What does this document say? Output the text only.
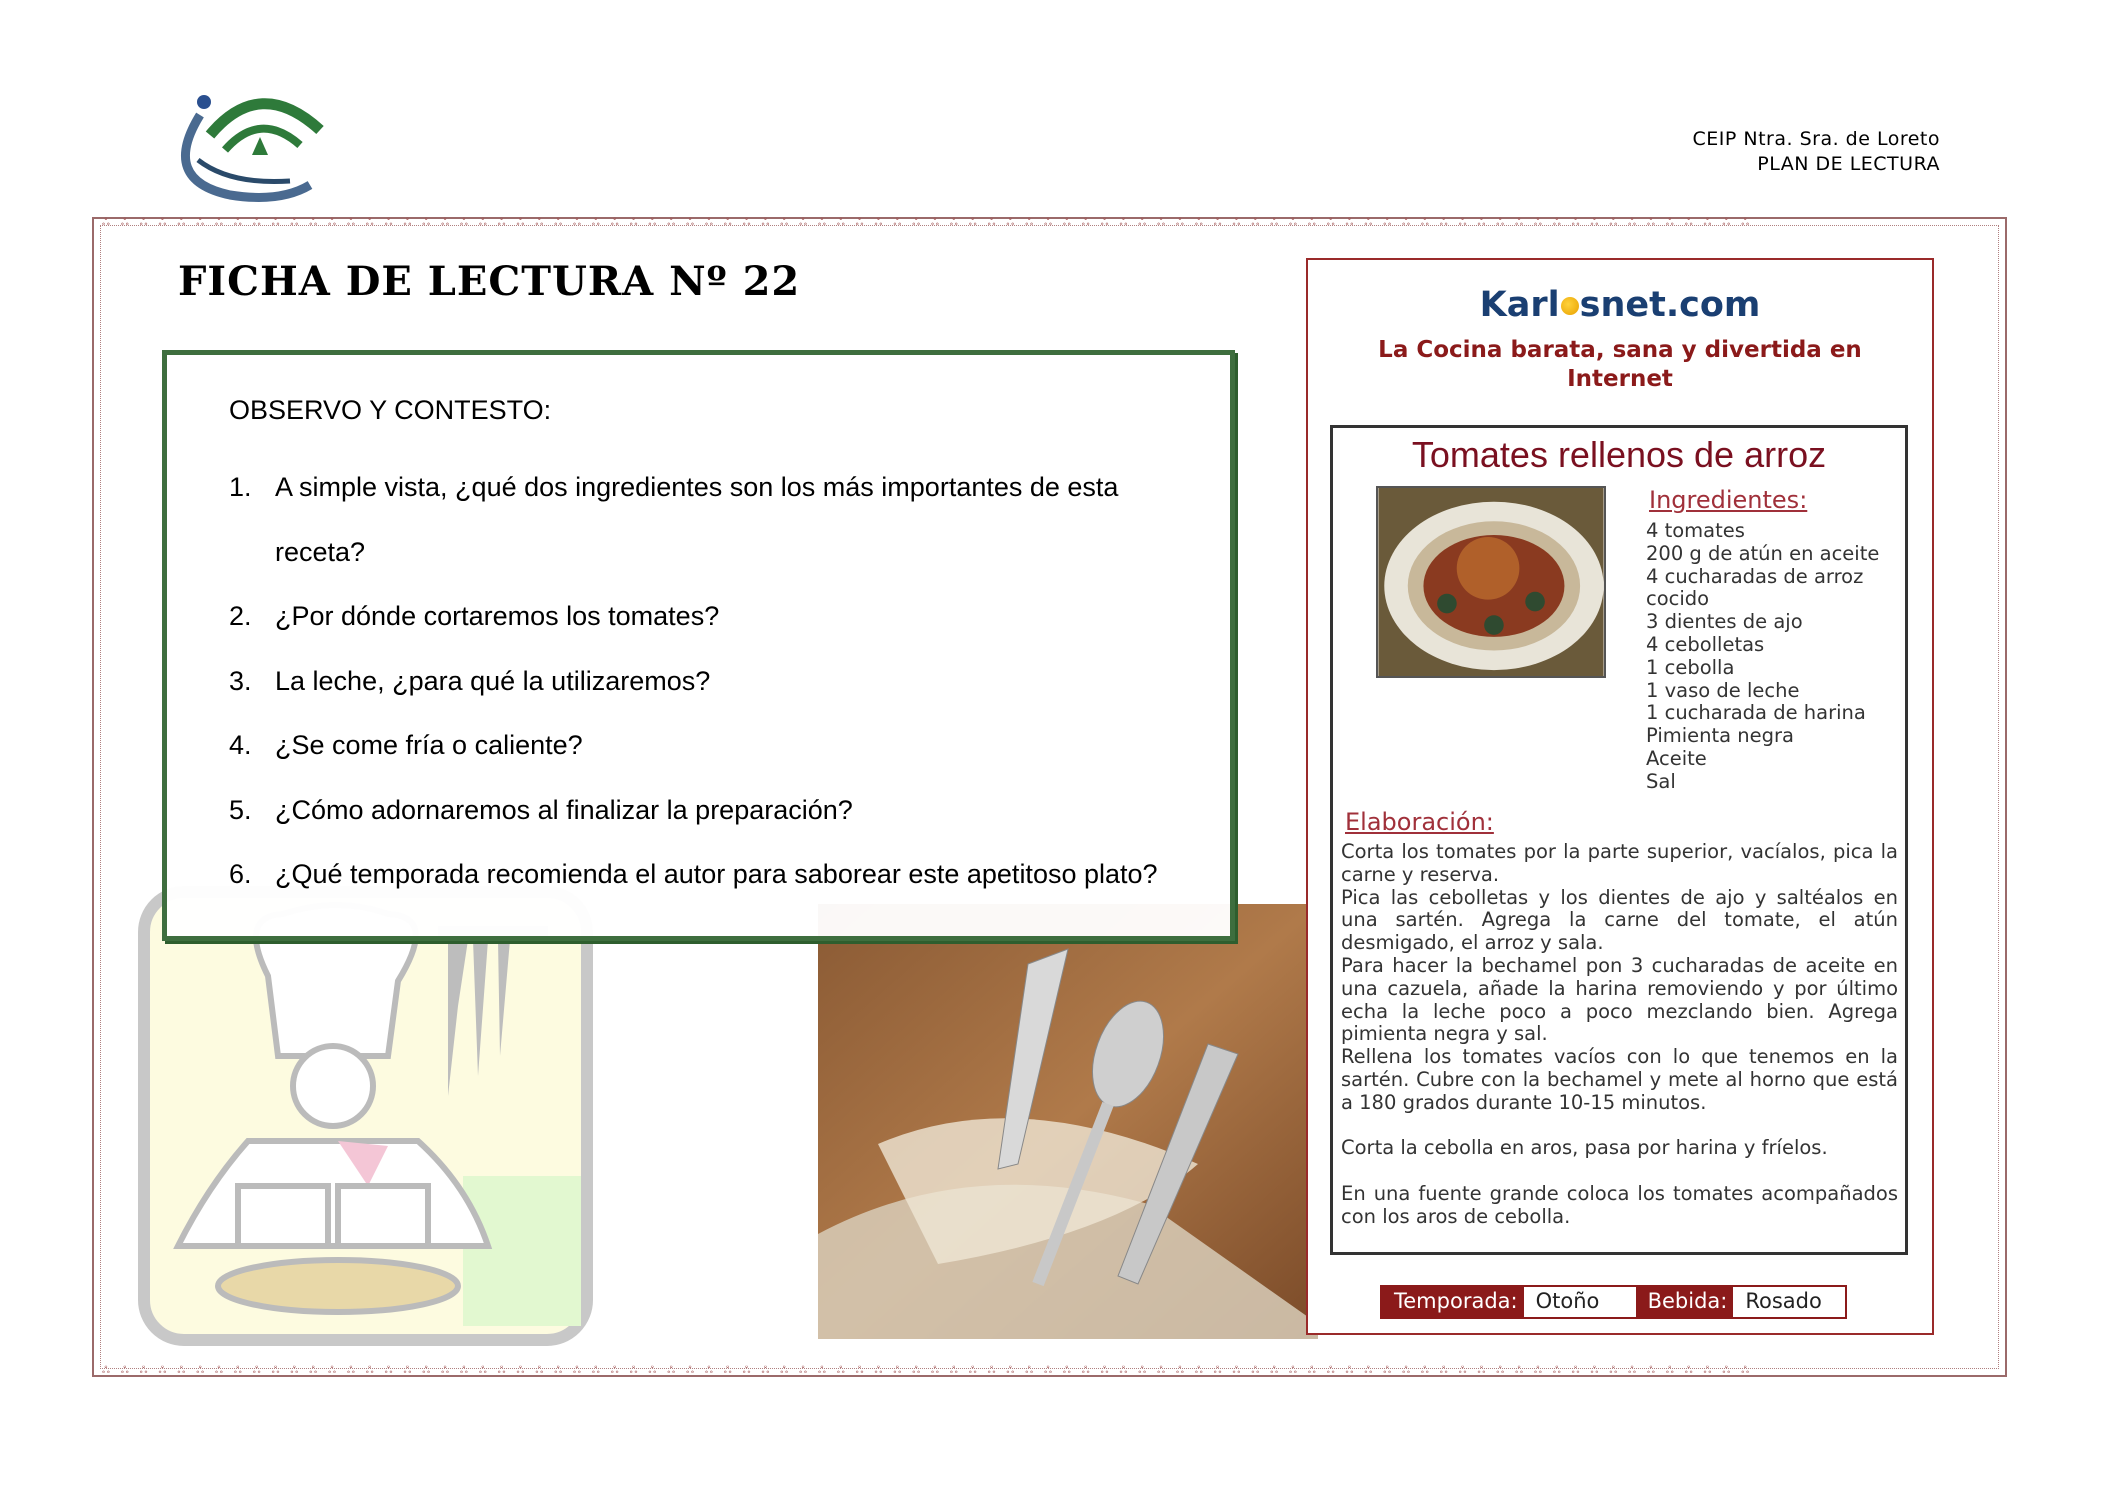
CEIP Ntra. Sra. de Loreto
PLAN DE LECTURA
ஃஃஃஃஃஃஃஃஃஃஃஃஃஃஃஃஃஃஃஃஃஃஃஃஃஃஃஃஃஃஃஃஃஃஃஃஃஃஃஃஃஃஃஃஃஃஃஃஃஃஃஃஃஃஃஃஃஃஃஃஃஃஃஃஃஃஃஃஃஃஃஃஃஃஃஃஃஃஃஃஃஃஃஃஃஃஃஃ
ஃஃஃஃஃஃஃஃஃஃஃஃஃஃஃஃஃஃஃஃஃஃஃஃஃஃஃஃஃஃஃஃஃஃஃஃஃஃஃஃஃஃஃஃஃஃஃஃஃஃஃஃஃஃஃஃஃஃஃஃஃஃஃஃஃஃஃஃஃஃஃஃஃஃஃஃஃஃஃஃஃஃஃஃஃஃஃஃ
FICHA DE LECTURA Nº 22
OBSERVO Y CONTESTO:
1. A simple vista, ¿qué dos ingredientes son los más importantes de esta
receta?
2. ¿Por dónde cortaremos los tomates?
3. La leche, ¿para qué la utilizaremos?
4. ¿Se come fría o caliente?
5. ¿Cómo adornaremos al finalizar la preparación?
6. ¿Qué temporada recomienda el autor para saborear este apetitoso plato?
Karl snet.com
La Cocina barata, sana y divertida en Internet
Tomates rellenos de arroz
Ingredientes:
4 tomates
200 g de atún en aceite
4 cucharadas de arroz
cocido
3 dientes de ajo
4 cebolletas
1 cebolla
1 vaso de leche
1 cucharada de harina
Pimienta negra
Aceite
Sal
Elaboración:

Corta los tomates por la parte superior, vacíalos, pica la carne y reserva.

Pica las cebolletas y los dientes de ajo y saltéalos en una sartén. Agrega la carne del tomate, el atún desmigado, el arroz y sala.

Para hacer la bechamel pon 3 cucharadas de aceite en una cazuela, añade la harina removiendo y por último echa la leche poco a poco mezclando bien. Agrega pimienta negra y sal.

Rellena los tomates vacíos con lo que tenemos en la sartén. Cubre con la bechamel y mete al horno que está a 180 grados durante 10-15 minutos.

Corta la cebolla en aros, pasa por harina y fríelos.

En una fuente grande coloca los tomates acompañados con los aros de cebolla.

Temporada: Otoño	Bebida: Rosado
